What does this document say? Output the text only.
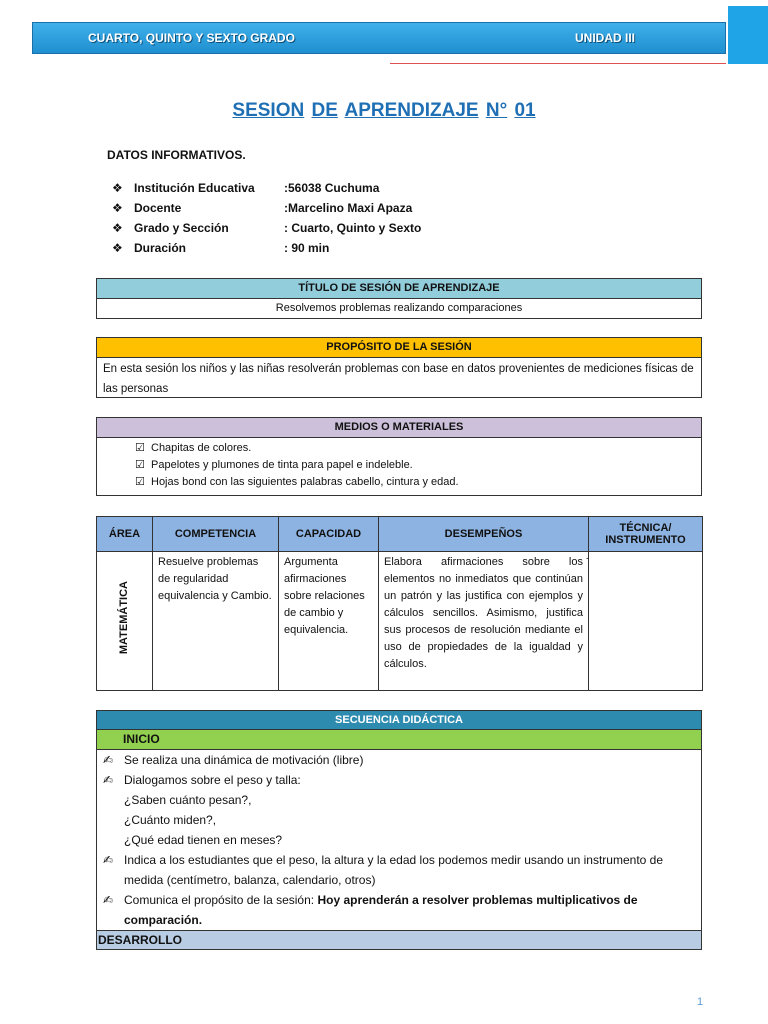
CUARTO, QUINTO Y SEXTO GRADO	UNIDAD III
SESION DE APRENDIZAJE N° 01
DATOS INFORMATIVOS.
❖ Institución Educativa :56038 Cuchuma
❖ Docente	:Marcelino Maxi Apaza
❖ Grado y Sección	: Cuarto, Quinto y Sexto
❖ Duración	: 90 min
TÍTULO DE SESIÓN DE APRENDIZAJE
Resolvemos problemas realizando comparaciones
PROPÓSITO DE LA SESIÓN
En esta sesión los niños y las niñas resolverán problemas con base en datos provenientes de mediciones físicas de las personas
MEDIOS O MATERIALES
☑ Chapitas de colores.
☑ Papelotes y plumones de tinta para papel e indeleble.
☑ Hojas bond con las siguientes palabras cabello, cintura y edad.
ÁREA	COMPETENCIA	CAPACIDAD	DESEMPEÑOS	TÉCNICA/ INSTRUMENTO
MATEMÁTICA	Resuelve problemas de regularidad equivalencia y Cambio.	Argumenta afirmaciones sobre relaciones de cambio y equivalencia.	Elabora afirmaciones sobre los elementos no inmediatos que continúan un patrón y las justifica con ejemplos y cálculos sencillos. Asimismo, justifica sus procesos de resolución mediante el uso de propiedades de la igualdad y cálculos.	-
SECUENCIA DIDÁCTICA
INICIO
✍ Se realiza una dinámica de motivación (libre)
✍ Dialogamos sobre el peso y talla:
¿Saben cuánto pesan?,
¿Cuánto miden?,
¿Qué edad tienen en meses?
✍ Indica a los estudiantes que el peso, la altura y la edad los podemos medir usando un instrumento de medida (centímetro, balanza, calendario, otros)
✍ Comunica el propósito de la sesión: Hoy aprenderán a resolver problemas multiplicativos de comparación.
DESARROLLO
1
